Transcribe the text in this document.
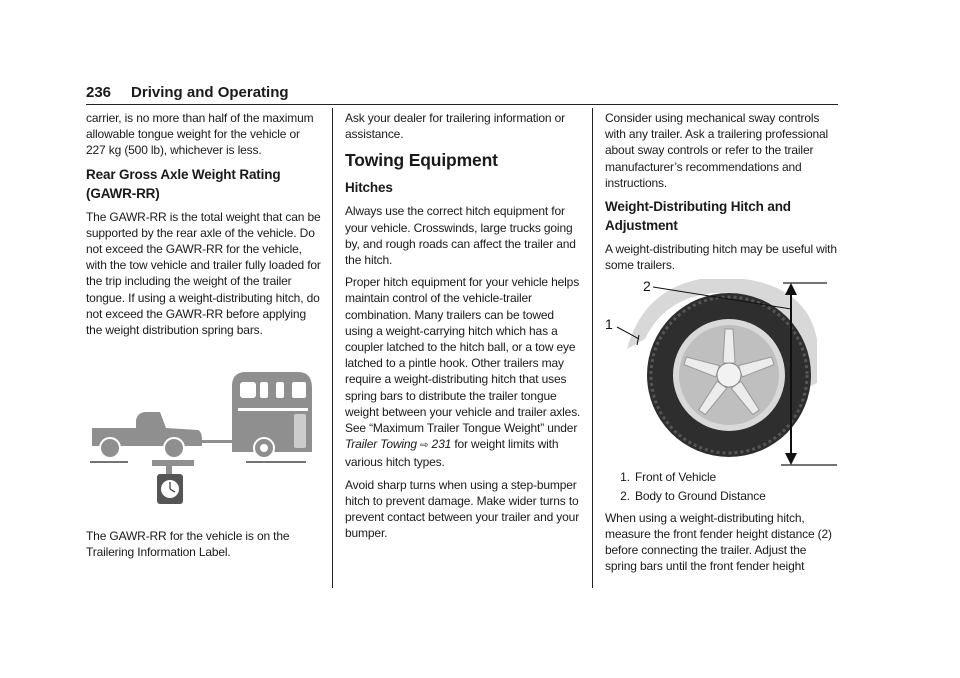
236 Driving and Operating

carrier, is no more than half of the maximum allowable tongue weight for the vehicle or 227 kg (500 lb), whichever is less.

Rear Gross Axle Weight Rating (GAWR-RR)

The GAWR-RR is the total weight that can be supported by the rear axle of the vehicle. Do not exceed the GAWR-RR for the vehicle, with the tow vehicle and trailer fully loaded for the trip including the weight of the trailer tongue. If using a weight-distributing hitch, do not exceed the GAWR-RR before applying the weight distribution spring bars.

The GAWR-RR for the vehicle is on the Trailering Information Label.

Ask your dealer for trailering information or assistance.

Towing Equipment
Hitches

Always use the correct hitch equipment for your vehicle. Crosswinds, large trucks going by, and rough roads can affect the trailer and the hitch.

Proper hitch equipment for your vehicle helps maintain control of the vehicle-trailer combination. Many trailers can be towed using a weight-carrying hitch which has a coupler latched to the hitch ball, or a tow eye latched to a pintle hook. Other trailers may require a weight-distributing hitch that uses spring bars to distribute the trailer tongue weight between your vehicle and trailer axles. See “Maximum Trailer Tongue Weight” under Trailer Towing ⇨ 231 for weight limits with various hitch types.

Avoid sharp turns when using a step-bumper hitch to prevent damage. Make wider turns to prevent contact between your trailer and your bumper.

Consider using mechanical sway controls with any trailer. Ask a trailering professional about sway controls or refer to the trailer manufacturer’s recommendations and instructions.

Weight-Distributing Hitch and Adjustment

A weight-distributing hitch may be useful with some trailers.

2
1
1. Front of Vehicle
2. Body to Ground Distance

When using a weight-distributing hitch, measure the front fender height distance (2) before connecting the trailer. Adjust the spring bars until the front fender height
